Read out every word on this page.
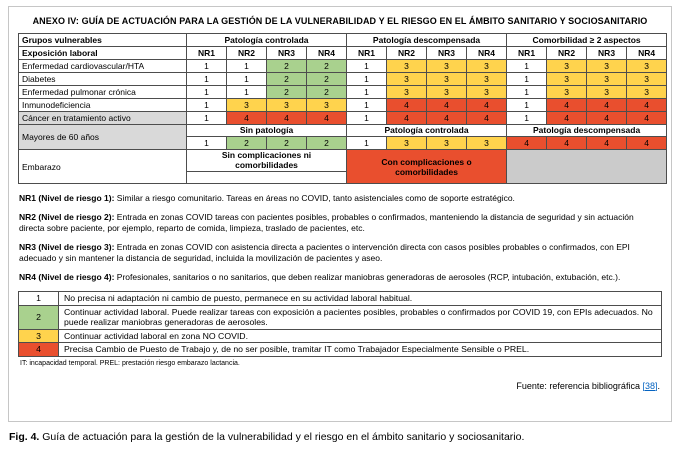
ANEXO IV: GUÍA DE ACTUACIÓN PARA LA GESTIÓN DE LA VULNERABILIDAD Y EL RIESGO EN EL ÁMBITO SANITARIO Y SOCIOSANITARIO
Grupos vulnerables	Patología controlada				Patología descompensada				Comorbilidad ≥ 2 aspectos			
Exposición laboral	NR1	NR2	NR3	NR4	NR1	NR2	NR3	NR4	NR1	NR2	NR3	NR4
Enfermedad cardiovascular/HTA	1	1	2	2	1	3	3	3	1	3	3	3
Diabetes	1	1	2	2	1	3	3	3	1	3	3	3
Enfermedad pulmonar crónica	1	1	2	2	1	3	3	3	1	3	3	3
Inmunodeficiencia	1	3	3	3	1	4	4	4	1	4	4	4
Cáncer en tratamiento activo	1	4	4	4	1	4	4	4	1	4	4	4
Mayores de 60 años	Sin patología				Patología controlada				Patología descompensada			
	1	2	2	2	1	3	3	3	4	4	4	4
Embarazo	Sin complicaciones ni comorbilidades				Con complicaciones o comorbilidades							

NR1 (Nivel de riesgo 1): Similar a riesgo comunitario. Tareas en áreas no COVID, tanto asistenciales como de soporte estratégico.

NR2 (Nivel de riesgo 2): Entrada en zonas COVID tareas con pacientes posibles, probables o confirmados, manteniendo la distancia de seguridad y sin actuación directa sobre paciente, por ejemplo, reparto de comida, limpieza, traslado de pacientes, etc.

NR3 (Nivel de riesgo 3): Entrada en zonas COVID con asistencia directa a pacientes o intervención directa con casos posibles probables o confirmados, con EPI adecuado y sin mantener la distancia de seguridad, incluida la movilización de pacientes y aseo.

NR4 (Nivel de riesgo 4): Profesionales, sanitarios o no sanitarios, que deben realizar maniobras generadoras de aerosoles (RCP, intubación, extubación, etc.).

1	No precisa ni adaptación ni cambio de puesto, permanece en su actividad laboral habitual.
2	Continuar actividad laboral. Puede realizar tareas con exposición a pacientes posibles, probables o confirmados por COVID 19, con EPIs adecuados. No puede realizar maniobras generadoras de aerosoles.
3	Continuar actividad laboral en zona NO COVID.
4	Precisa Cambio de Puesto de Trabajo y, de no ser posible, tramitar IT como Trabajador Especialmente Sensible o PREL.
IT: incapacidad temporal. PREL: prestación riesgo embarazo lactancia.
Fuente: referencia bibliográfica [38].
Fig. 4. Guía de actuación para la gestión de la vulnerabilidad y el riesgo en el ámbito sanitario y sociosanitario.
